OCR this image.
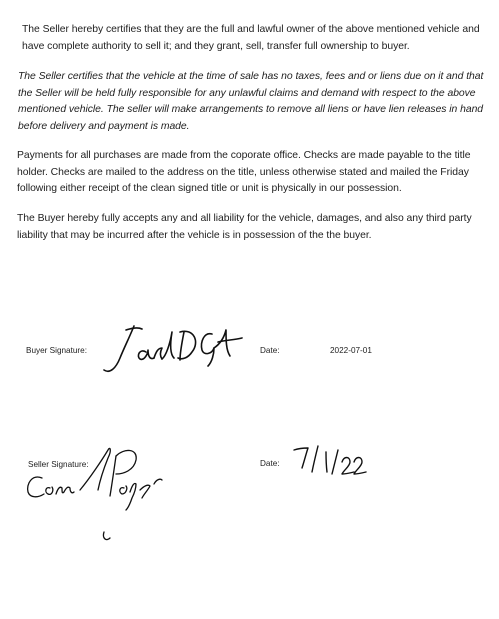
The Seller hereby certifies that they are the full and lawful owner of the above mentioned vehicle and have complete authority to sell it; and they grant, sell, transfer full ownership to buyer.

The Seller certifies that the vehicle at the time of sale has no taxes, fees and or liens due on it and that the Seller will be held fully responsible for any unlawful claims and demand with respect to the above mentioned vehicle. The seller will make arrangements to remove all liens or have lien releases in hand before delivery and payment is made.

Payments for all purchases are made from the coporate office. Checks are made payable to the title holder. Checks are mailed to the address on the title, unless otherwise stated and mailed the Friday following either receipt of the clean signed title or unit is physically in our possession.

The Buyer hereby fully accepts any and all liability for the vehicle, damages, and also any third party liability that may be incurred after the vehicle is in possession of the the buyer.

Buyer Signature:	Date:	2022-07-01
Seller Signature:	Date:
